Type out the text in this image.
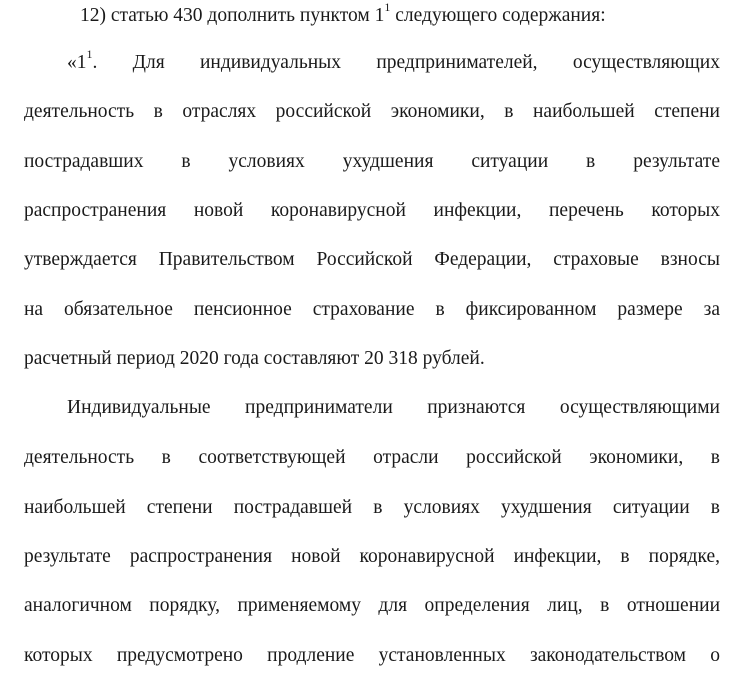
12) статью 430 дополнить пунктом $1^1$ следующего содержания:
«$1^1$. Для индивидуальных предпринимателей, осуществляющих
деятельность в отраслях российской экономики, в наибольшей степени
пострадавших в условиях ухудшения ситуации в результате
распространения новой коронавирусной инфекции, перечень которых
утверждается Правительством Российской Федерации, страховые взносы
на обязательное пенсионное страхование в фиксированном размере за
расчетный период 2020 года составляют 20 318 рублей.
Индивидуальные предприниматели признаются осуществляющими
деятельность в соответствующей отрасли российской экономики, в
наибольшей степени пострадавшей в условиях ухудшения ситуации в
результате распространения новой коронавирусной инфекции, в порядке,
аналогичном порядку, применяемому для определения лиц, в отношении
которых предусмотрено продление установленных законодательством о
